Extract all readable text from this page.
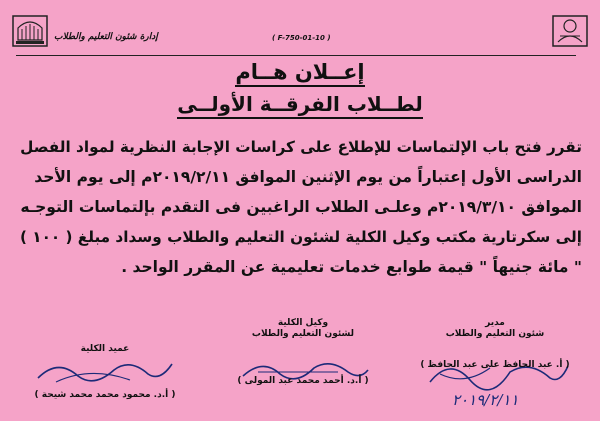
إدارة شئون التعليم والطلاب	( F-750-01-10 )
إعــلان هــام
لطــلاب الفرقــة الأولــى
تقرر فتح باب الإلتماسات للإطلاع على كراسات الإجابة النظرية لمواد الفصل
الدراسى الأول إعتباراً من يوم الإثنين الموافق ٢٠١٩/٢/١١م إلى يوم الأحد
الموافق ٢٠١٩/٣/١٠م وعلـى الطلاب الراغبين فى التقدم بإلتماسات التوجـه
إلى سكرتارية مكتب وكيل الكلية لشئون التعليم والطلاب وسداد مبلغ ( ١٠٠ )
" مائة جنيهاً " قيمة طوابع خدمات تعليمية عن المقرر الواحد .
مدير
شئون التعليم والطلاب
( أ. عبد الحافظ على عبد الحافظ )
٢٠١٩/٢/١١
وكيل الكلية
لشئون التعليم والطلاب
( أ.د. أحمد محمد عبد المولى )
عميد الكلية
( أ.د. محمود محمد محمد شيحة )
